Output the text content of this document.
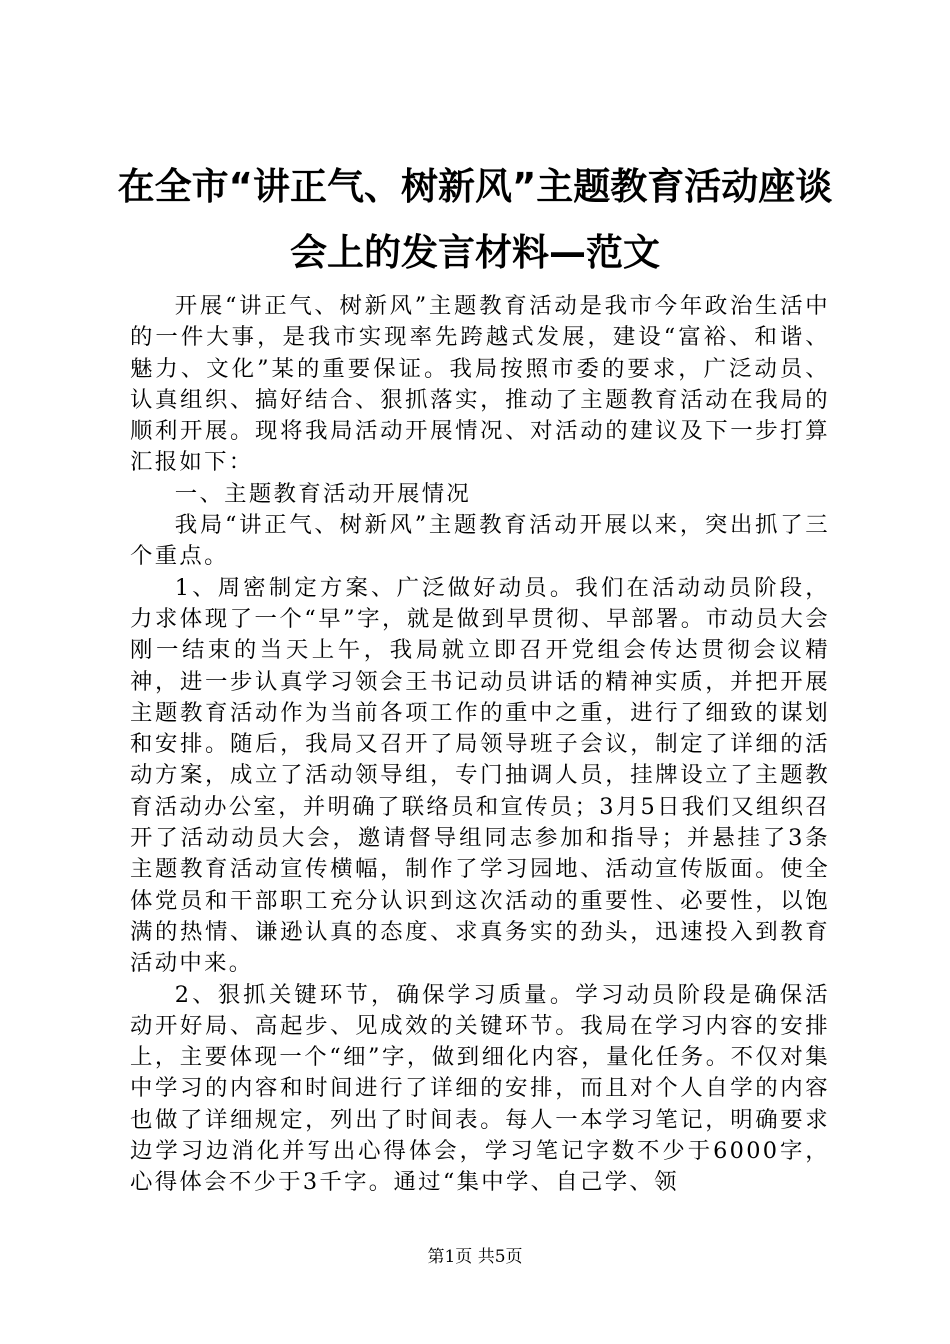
在全市“讲正气、树新风”主题教育活动座谈
会上的发言材料—范文

开展“讲正气、树新风”主题教育活动是我市今年政治生活中的一件大事，是我市实现率先跨越式发展，建设“富裕、和谐、魅力、文化”某的重要保证。我局按照市委的要求，广泛动员、认真组织、搞好结合、狠抓落实，推动了主题教育活动在我局的顺利开展。现将我局活动开展情况、对活动的建议及下一步打算汇报如下：

一、主题教育活动开展情况

我局“讲正气、树新风”主题教育活动开展以来，突出抓了三个重点。

1、周密制定方案、广泛做好动员。我们在活动动员阶段，力求体现了一个“早”字，就是做到早贯彻、早部署。市动员大会刚一结束的当天上午，我局就立即召开党组会传达贯彻会议精神，进一步认真学习领会王书记动员讲话的精神实质，并把开展主题教育活动作为当前各项工作的重中之重，进行了细致的谋划和安排。随后，我局又召开了局领导班子会议，制定了详细的活动方案，成立了活动领导组，专门抽调人员，挂牌设立了主题教育活动办公室，并明确了联络员和宣传员；3月5日我们又组织召开了活动动员大会，邀请督导组同志参加和指导；并悬挂了3条主题教育活动宣传横幅，制作了学习园地、活动宣传版面。使全体党员和干部职工充分认识到这次活动的重要性、必要性，以饱满的热情、谦逊认真的态度、求真务实的劲头，迅速投入到教育活动中来。

2、狠抓关键环节，确保学习质量。学习动员阶段是确保活动开好局、高起步、见成效的关键环节。我局在学习内容的安排上，主要体现一个“细”字，做到细化内容，量化任务。不仅对集中学习的内容和时间进行了详细的安排，而且对个人自学的内容也做了详细规定，列出了时间表。每人一本学习笔记，明确要求边学习边消化并写出心得体会，学习笔记字数不少于6000字，心得体会不少于3千字。通过“集中学、自己学、领

第1页 共5页
